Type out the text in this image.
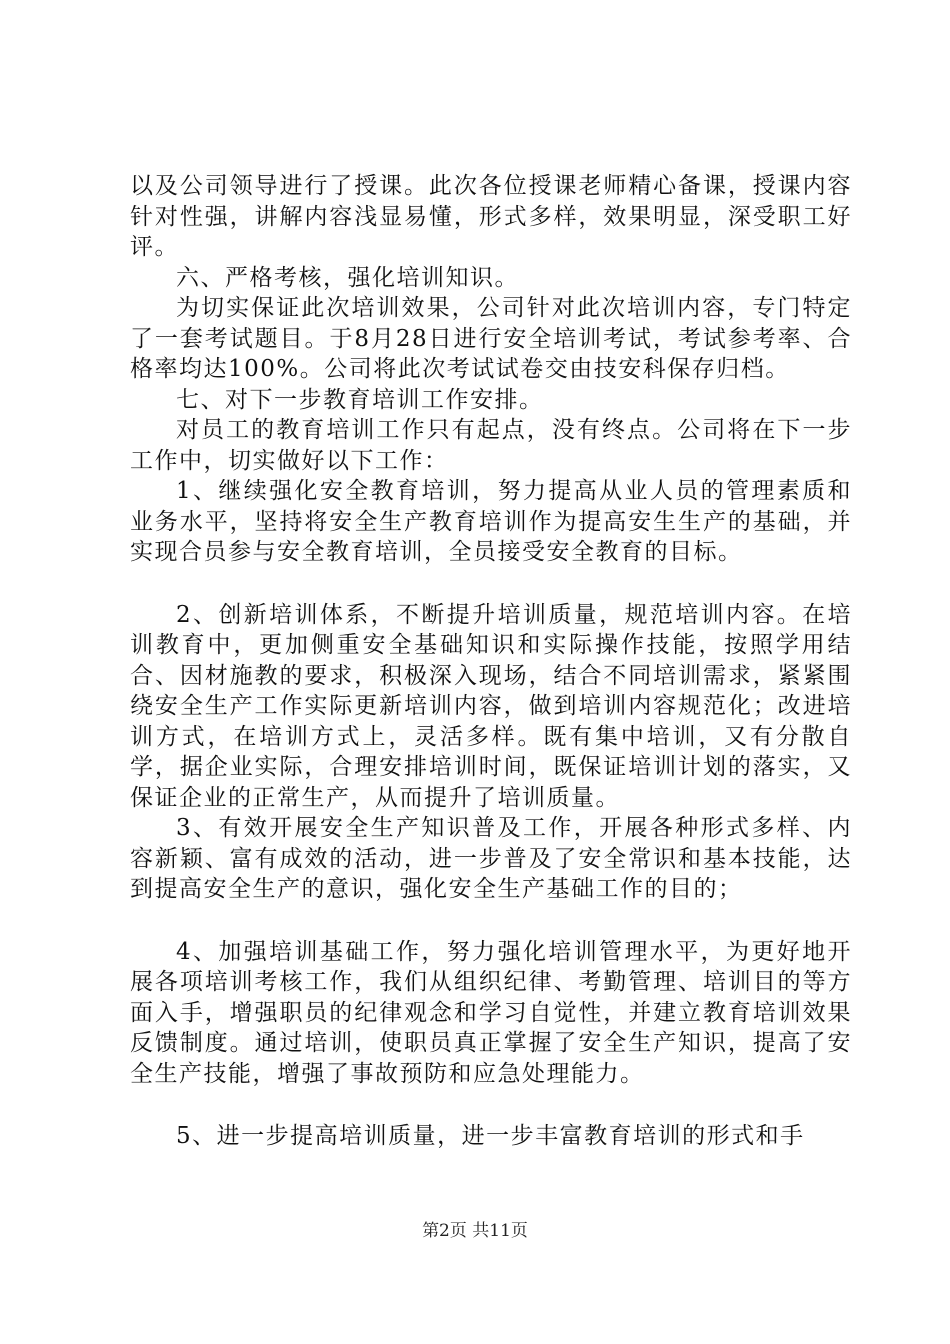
以及公司领导进行了授课。此次各位授课老师精心备课，授课内容针对性强，讲解内容浅显易懂，形式多样，效果明显，深受职工好评。

六、严格考核，强化培训知识。

为切实保证此次培训效果，公司针对此次培训内容，专门特定了一套考试题目。于8月28日进行安全培训考试，考试参考率、合格率均达100%。公司将此次考试试卷交由技安科保存归档。

七、对下一步教育培训工作安排。

对员工的教育培训工作只有起点，没有终点。公司将在下一步工作中，切实做好以下工作：

1、继续强化安全教育培训，努力提高从业人员的管理素质和业务水平，坚持将安全生产教育培训作为提高安生生产的基础，并实现合员参与安全教育培训，全员接受安全教育的目标。

2、创新培训体系，不断提升培训质量，规范培训内容。在培训教育中，更加侧重安全基础知识和实际操作技能，按照学用结合、因材施教的要求，积极深入现场，结合不同培训需求，紧紧围绕安全生产工作实际更新培训内容，做到培训内容规范化；改进培训方式，在培训方式上，灵活多样。既有集中培训，又有分散自学，据企业实际，合理安排培训时间，既保证培训计划的落实，又保证企业的正常生产，从而提升了培训质量。

3、有效开展安全生产知识普及工作，开展各种形式多样、内容新颖、富有成效的活动，进一步普及了安全常识和基本技能，达到提高安全生产的意识，强化安全生产基础工作的目的；

4、加强培训基础工作，努力强化培训管理水平，为更好地开展各项培训考核工作，我们从组织纪律、考勤管理、培训目的等方面入手，增强职员的纪律观念和学习自觉性，并建立教育培训效果反馈制度。通过培训，使职员真正掌握了安全生产知识，提高了安全生产技能，增强了事故预防和应急处理能力。

5、进一步提高培训质量，进一步丰富教育培训的形式和手

第2页 共11页
